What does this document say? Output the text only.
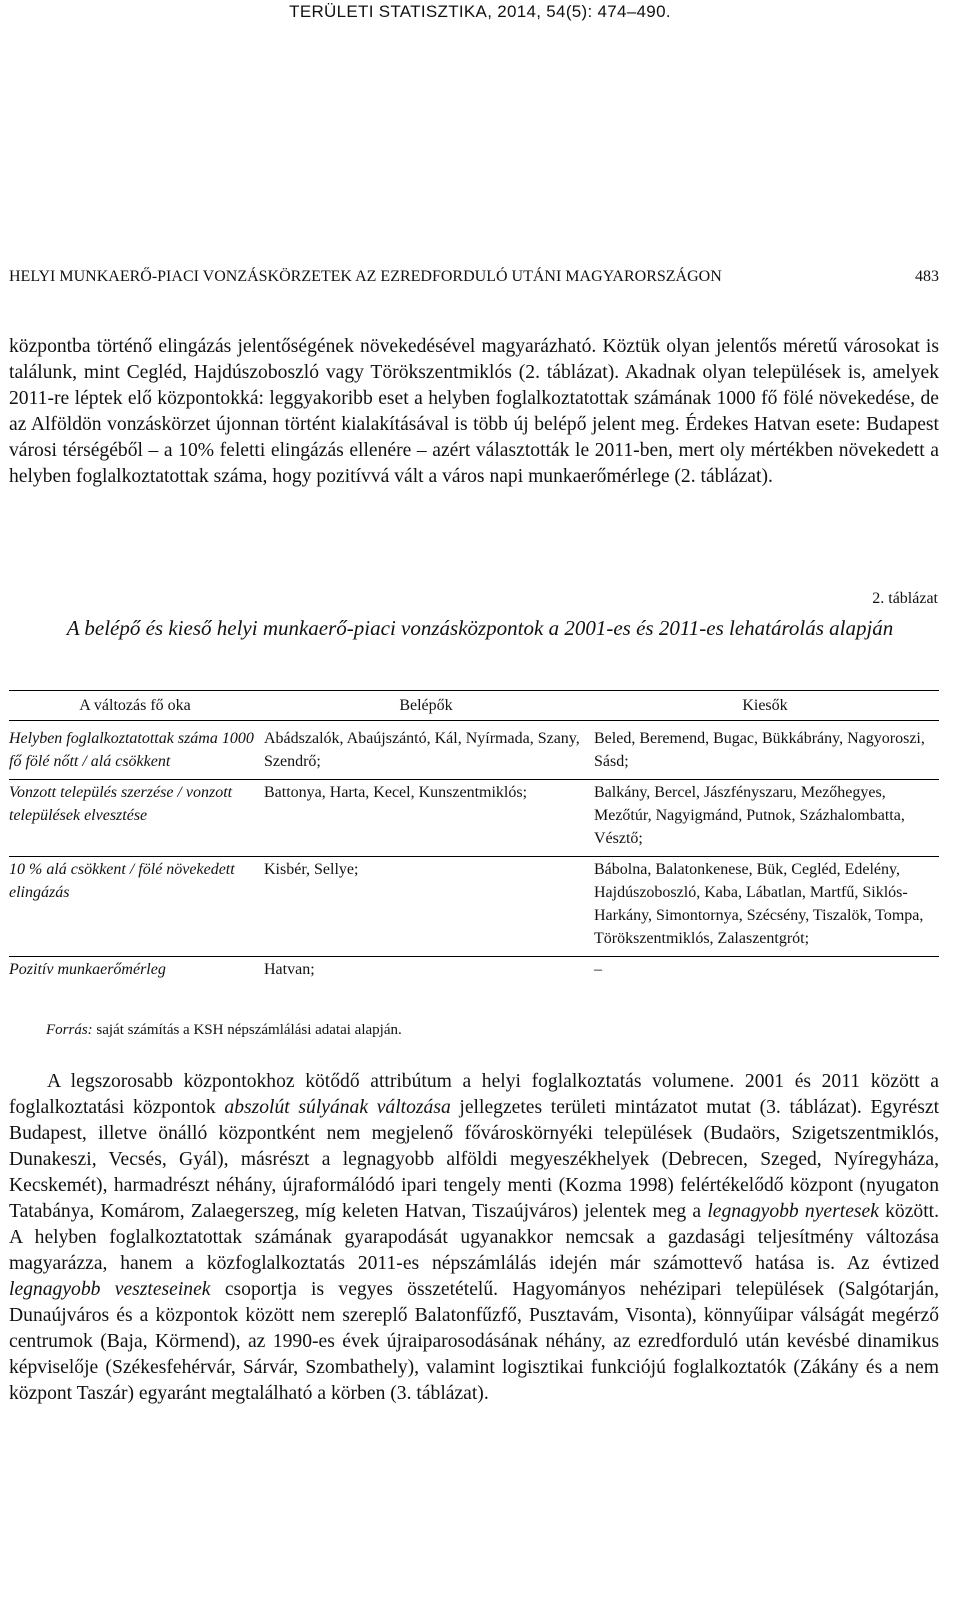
TERÜLETI STATISZTIKA, 2014, 54(5): 474–490.
HELYI MUNKAERŐ-PIACI VONZÁSKÖRZETEK AZ EZREDFORDULÓ UTÁNI MAGYARORSZÁGON	483

központba történő elingázás jelentőségének növekedésével magyarázható. Köztük olyan jelentős méretű városokat is találunk, mint Cegléd, Hajdúszoboszló vagy Törökszentmiklós (2. táblázat). Akadnak olyan települések is, amelyek 2011-re léptek elő központokká: leggyakoribb eset a helyben foglalkoztatottak számának 1000 fő fölé növekedése, de az Alföldön vonzáskörzet újonnan történt kialakításával is több új belépő jelent meg. Érdekes Hatvan esete: Budapest városi térségéből – a 10% feletti elingázás ellenére – azért választották le 2011-ben, mert oly mértékben növekedett a helyben foglalkoztatottak száma, hogy pozitívvá vált a város napi munkaerőmérlege (2. táblázat).

2. táblázat
A belépő és kieső helyi munkaerő-piaci vonzásközpontok a 2001-es és 2011-es lehatárolás alapján
A változás fő oka	Belépők	Kiesők
Helyben foglalkoztatottak száma 1000 fő fölé nőtt / alá csökkent	Abádszalók, Abaújszántó, Kál, Nyírmada, Szany, Szendrő;	Beled, Beremend, Bugac, Bükkábrány, Nagyoroszi, Sásd;
Vonzott település szerzése / vonzott települések elvesztése	Battonya, Harta, Kecel, Kunszentmiklós;	Balkány, Bercel, Jászfényszaru, Mezőhegyes, Mezőtúr, Nagyigmánd, Putnok, Százhalombatta, Vésztő;
10 % alá csökkent / fölé növekedett elingázás	Kisbér, Sellye;	Bábolna, Balatonkenese, Bük, Cegléd, Edelény, Hajdúszoboszló, Kaba, Lábatlan, Martfű, Siklós-Harkány, Simontornya, Szécsény, Tiszalök, Tompa, Törökszentmiklós, Zalaszentgrót;
Pozitív munkaerőmérleg	Hatvan;	–
Forrás: saját számítás a KSH népszámlálási adatai alapján.

A legszorosabb központokhoz kötődő attribútum a helyi foglalkoztatás volumene. 2001 és 2011 között a foglalkoztatási központok abszolút súlyának változása jellegzetes területi mintázatot mutat (3. táblázat). Egyrészt Budapest, illetve önálló központként nem megjelenő fővároskörnyéki települések (Budaörs, Szigetszentmiklós, Dunakeszi, Vecsés, Gyál), másrészt a legnagyobb alföldi megyeszékhelyek (Debrecen, Szeged, Nyíregyháza, Kecskemét), harmadrészt néhány, újraformálódó ipari tengely menti (Kozma 1998) felértékelődő központ (nyugaton Tatabánya, Komárom, Zalaegerszeg, míg keleten Hatvan, Tiszaújváros) jelentek meg a legnagyobb nyertesek között. A helyben foglalkoztatottak számának gyarapodását ugyanakkor nemcsak a gazdasági teljesítmény változása magyarázza, hanem a közfoglalkoztatás 2011-es népszámlálás idején már számottevő hatása is. Az évtized legnagyobb veszteseinek csoportja is vegyes összetételű. Hagyományos nehézipari települések (Salgótarján, Dunaújváros és a központok között nem szereplő Balatonfűzfő, Pusztavám, Visonta), könnyűipar válságát megérző centrumok (Baja, Körmend), az 1990-es évek újraiparosodásának néhány, az ezredforduló után kevésbé dinamikus képviselője (Székesfehérvár, Sárvár, Szombathely), valamint logisztikai funkciójú foglalkoztatók (Zákány és a nem központ Taszár) egyaránt megtalálható a körben (3. táblázat).
